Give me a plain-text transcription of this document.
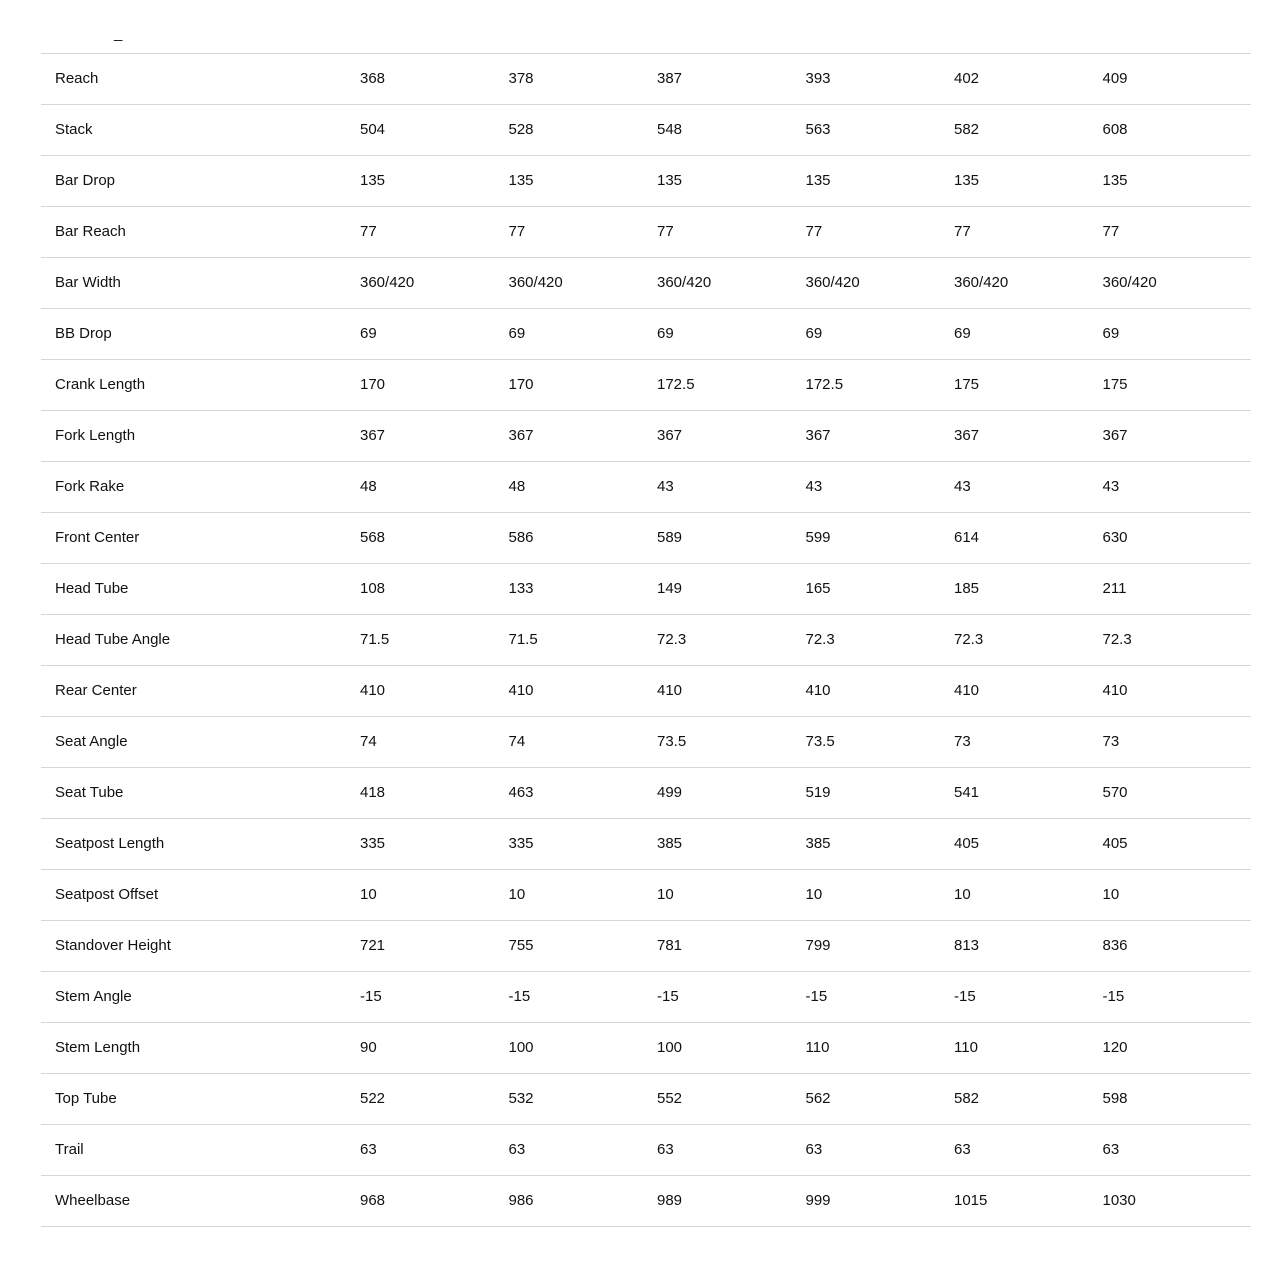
_
Reach	368	378	387	393	402	409
Stack	504	528	548	563	582	608
Bar Drop	135	135	135	135	135	135
Bar Reach	77	77	77	77	77	77
Bar Width	360/420	360/420	360/420	360/420	360/420	360/420
BB Drop	69	69	69	69	69	69
Crank Length	170	170	172.5	172.5	175	175
Fork Length	367	367	367	367	367	367
Fork Rake	48	48	43	43	43	43
Front Center	568	586	589	599	614	630
Head Tube	108	133	149	165	185	211
Head Tube Angle	71.5	71.5	72.3	72.3	72.3	72.3
Rear Center	410	410	410	410	410	410
Seat Angle	74	74	73.5	73.5	73	73
Seat Tube	418	463	499	519	541	570
Seatpost Length	335	335	385	385	405	405
Seatpost Offset	10	10	10	10	10	10
Standover Height	721	755	781	799	813	836
Stem Angle	-15	-15	-15	-15	-15	-15
Stem Length	90	100	100	110	110	120
Top Tube	522	532	552	562	582	598
Trail	63	63	63	63	63	63
Wheelbase	968	986	989	999	1015	1030
